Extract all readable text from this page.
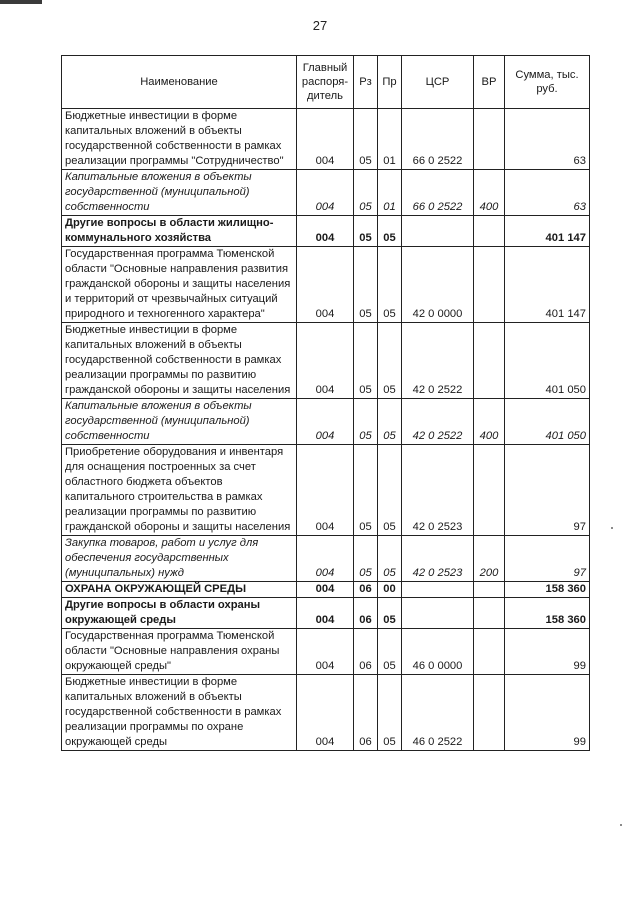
27
Наименование	Главный распоря-дитель	Рз	Пр	ЦСР	ВР	Сумма, тыс. руб.
Бюджетные инвестиции в форме капитальных вложений в объекты государственной собственности в рамках реализации программы "Сотрудничество"	004	05	01	66 0 2522		63
Капитальные вложения в объекты государственной (муниципальной) собственности	004	05	01	66 0 2522	400	63
Другие вопросы в области жилищно-коммунального хозяйства	004	05	05			401 147
Государственная программа Тюменской области "Основные направления развития гражданской обороны и защиты населения и территорий от чрезвычайных ситуаций природного и техногенного характера"	004	05	05	42 0 0000		401 147
Бюджетные инвестиции в форме капитальных вложений в объекты государственной собственности в рамках реализации программы по развитию гражданской обороны и защиты населения	004	05	05	42 0 2522		401 050
Капитальные вложения в объекты государственной (муниципальной) собственности	004	05	05	42 0 2522	400	401 050
Приобретение оборудования и инвентаря для оснащения построенных за счет областного бюджета объектов капитального строительства в рамках реализации программы по развитию гражданской обороны и защиты населения	004	05	05	42 0 2523		97
Закупка товаров, работ и услуг для обеспечения государственных (муниципальных) нужд	004	05	05	42 0 2523	200	97
ОХРАНА ОКРУЖАЮЩЕЙ СРЕДЫ	004	06	00			158 360
Другие вопросы в области охраны окружающей среды	004	06	05			158 360
Государственная программа Тюменской области "Основные направления охраны окружающей среды"	004	06	05	46 0 0000		99
Бюджетные инвестиции в форме капитальных вложений в объекты государственной собственности в рамках реализации программы по охране окружающей среды	004	06	05	46 0 2522		99
